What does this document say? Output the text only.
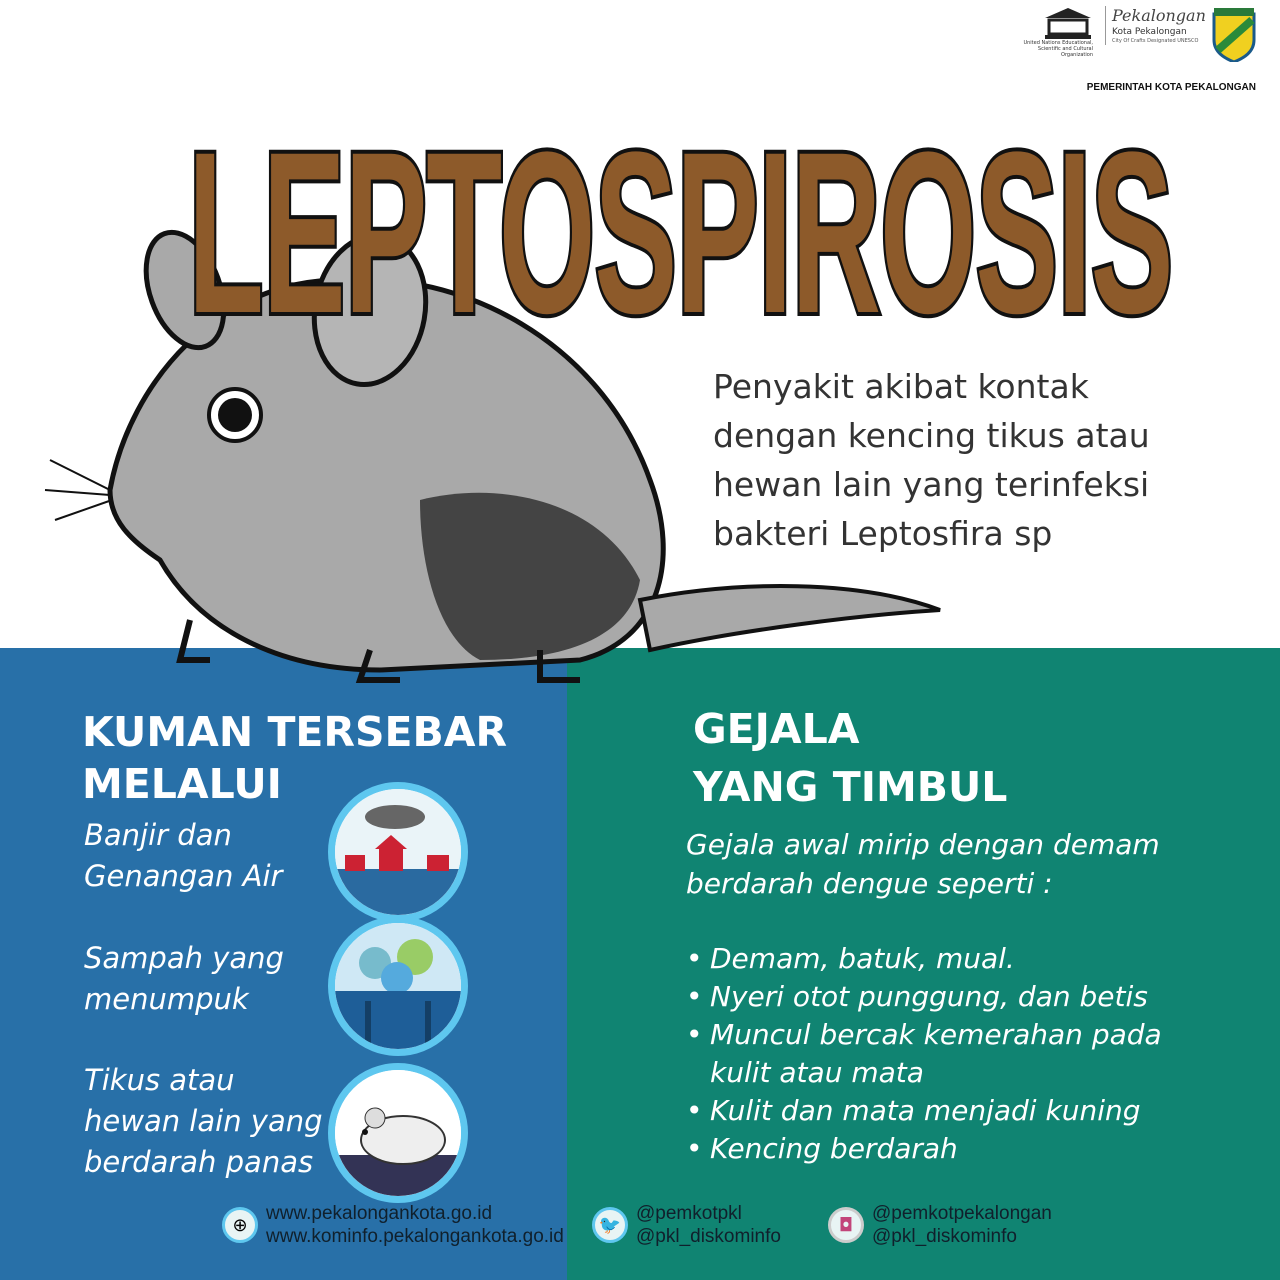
United Nations Educational, Scientific and Cultural Organization
Pekalongan
Kota Pekalongan
City Of Crafts Designated UNESCO
PEMERINTAH KOTA PEKALONGAN
LEPTOSPIROSIS
Penyakit akibat kontak
dengan kencing tikus atau
hewan lain yang terinfeksi
bakteri Leptosfira sp
KUMAN TERSEBAR
MELALUI
Banjir dan
Genangan Air
Sampah yang
menumpuk
Tikus atau
hewan lain yang
berdarah panas
GEJALA
YANG TIMBUL
Gejala awal mirip dengan demam
berdarah dengue seperti :
• Demam, batuk, mual.
• Nyeri otot punggung, dan betis
• Muncul bercak kemerahan pada kulit atau mata
• Kulit dan mata menjadi kuning
• Kencing berdarah
⊕
www.pekalongankota.go.id
www.kominfo.pekalongankota.go.id
🐦
@pemkotpkl
@pkl_diskominfo
◘
@pemkotpekalongan
@pkl_diskominfo
